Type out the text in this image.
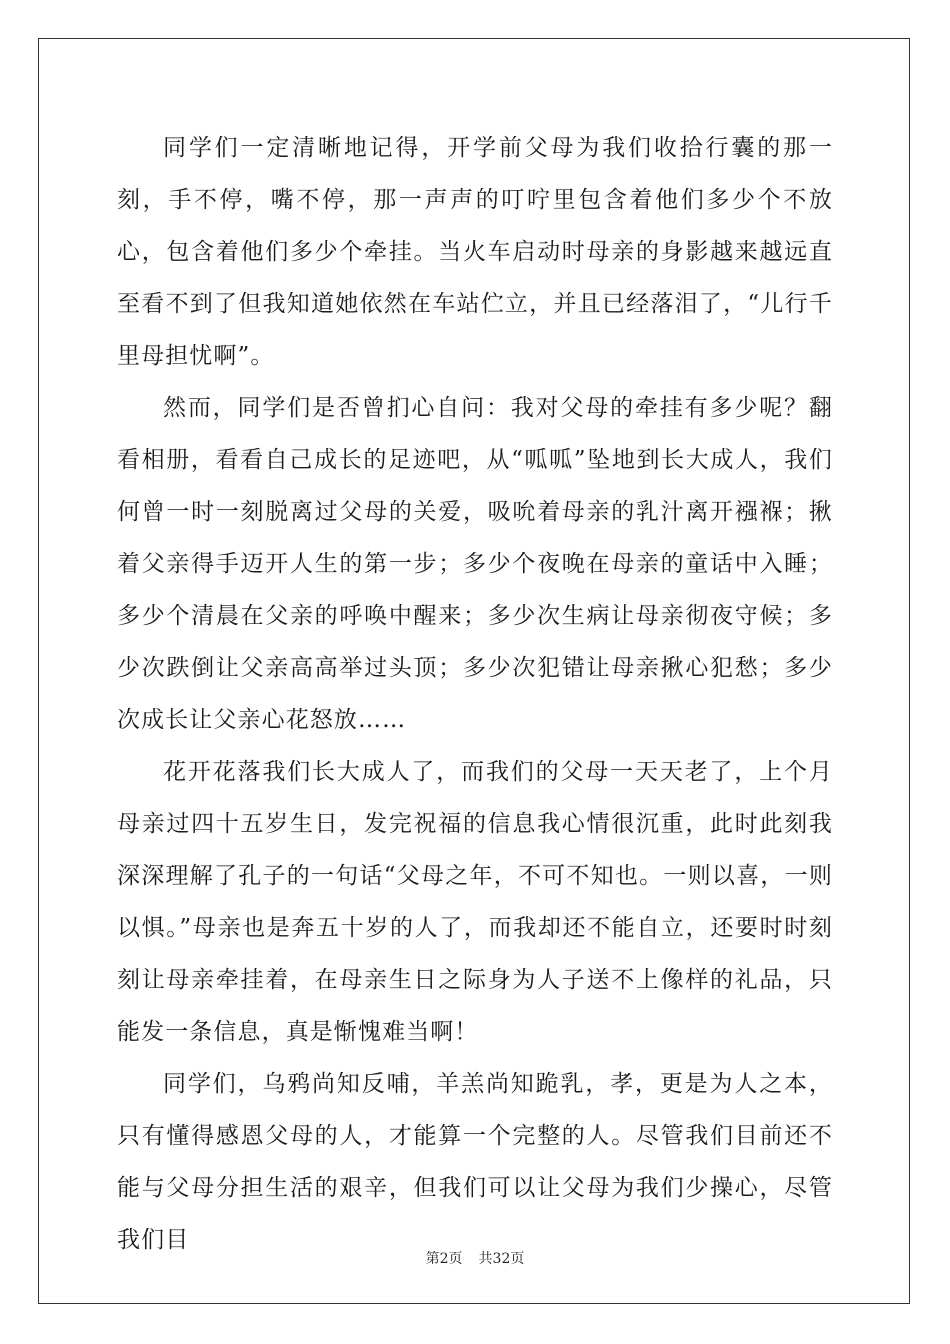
同学们一定清晰地记得，开学前父母为我们收拾行囊的那一刻，手不停，嘴不停，那一声声的叮咛里包含着他们多少个不放心，包含着他们多少个牵挂。当火车启动时母亲的身影越来越远直至看不到了但我知道她依然在车站伫立，并且已经落泪了，“儿行千里母担忧啊”。

然而，同学们是否曾扪心自问：我对父母的牵挂有多少呢？翻看相册，看看自己成长的足迹吧，从“呱呱”坠地到长大成人，我们何曾一时一刻脱离过父母的关爱，吸吮着母亲的乳汁离开襁褓；揪着父亲得手迈开人生的第一步；多少个夜晚在母亲的童话中入睡；多少个清晨在父亲的呼唤中醒来；多少次生病让母亲彻夜守候；多少次跌倒让父亲高高举过头顶；多少次犯错让母亲揪心犯愁；多少次成长让父亲心花怒放……

花开花落我们长大成人了，而我们的父母一天天老了，上个月母亲过四十五岁生日，发完祝福的信息我心情很沉重，此时此刻我深深理解了孔子的一句话“父母之年，不可不知也。一则以喜，一则以惧。”母亲也是奔五十岁的人了，而我却还不能自立，还要时时刻刻让母亲牵挂着，在母亲生日之际身为人子送不上像样的礼品，只能发一条信息，真是惭愧难当啊！

同学们，乌鸦尚知反哺，羊羔尚知跪乳，孝，更是为人之本，只有懂得感恩父母的人，才能算一个完整的人。尽管我们目前还不能与父母分担生活的艰辛，但我们可以让父母为我们少操心，尽管我们目

第2页 共32页
